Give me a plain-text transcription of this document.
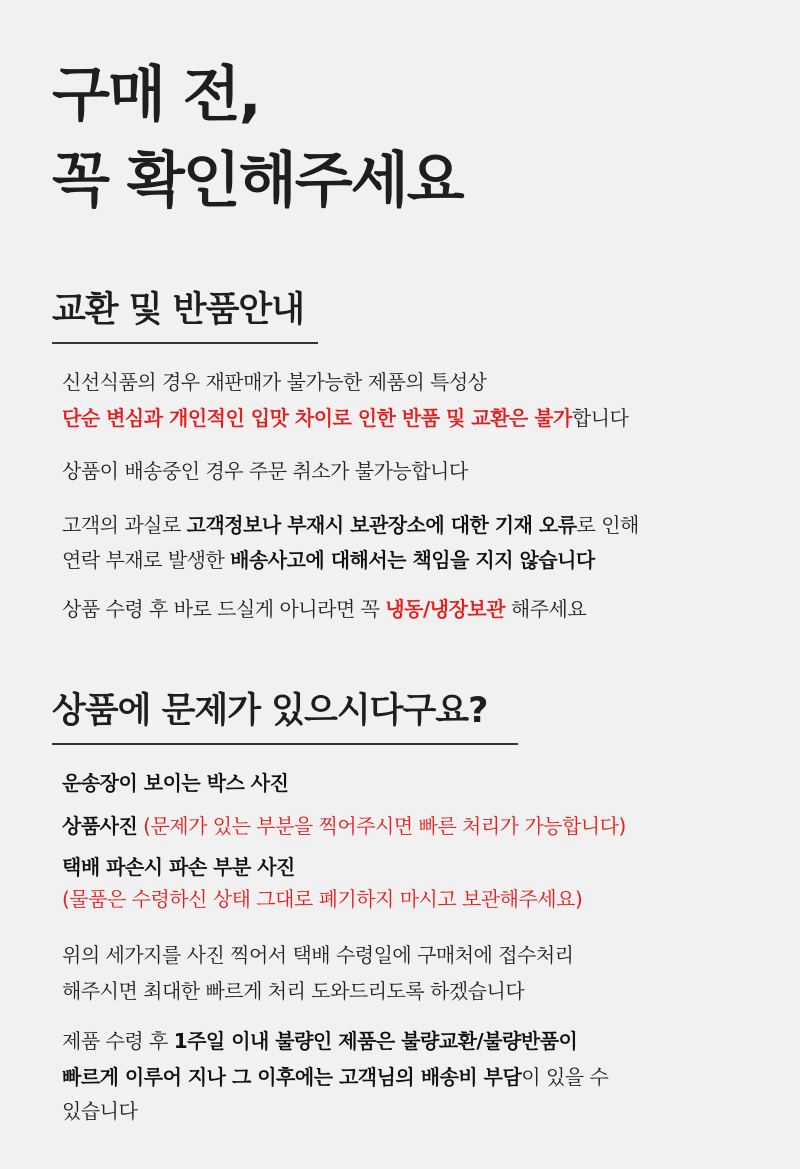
구매 전,
꼭 확인해주세요
교환 및 반품안내
신선식품의 경우 재판매가 불가능한 제품의 특성상
단순 변심과 개인적인 입맛 차이로 인한 반품 및 교환은 불가합니다
상품이 배송중인 경우 주문 취소가 불가능합니다
고객의 과실로 고객정보나 부재시 보관장소에 대한 기재 오류로 인해
연락 부재로 발생한 배송사고에 대해서는 책임을 지지 않습니다
상품 수령 후 바로 드실게 아니라면 꼭 냉동/냉장보관 해주세요
상품에 문제가 있으시다구요?
운송장이 보이는 박스 사진
상품사진 (문제가 있는 부분을 찍어주시면 빠른 처리가 가능합니다)
택배 파손시 파손 부분 사진
(물품은 수령하신 상태 그대로 폐기하지 마시고 보관해주세요)
위의 세가지를 사진 찍어서 택배 수령일에 구매처에 접수처리
해주시면 최대한 빠르게 처리 도와드리도록 하겠습니다
제품 수령 후 1주일 이내 불량인 제품은 불량교환/불량반품이
빠르게 이루어 지나 그 이후에는 고객님의 배송비 부담이 있을 수
있습니다
